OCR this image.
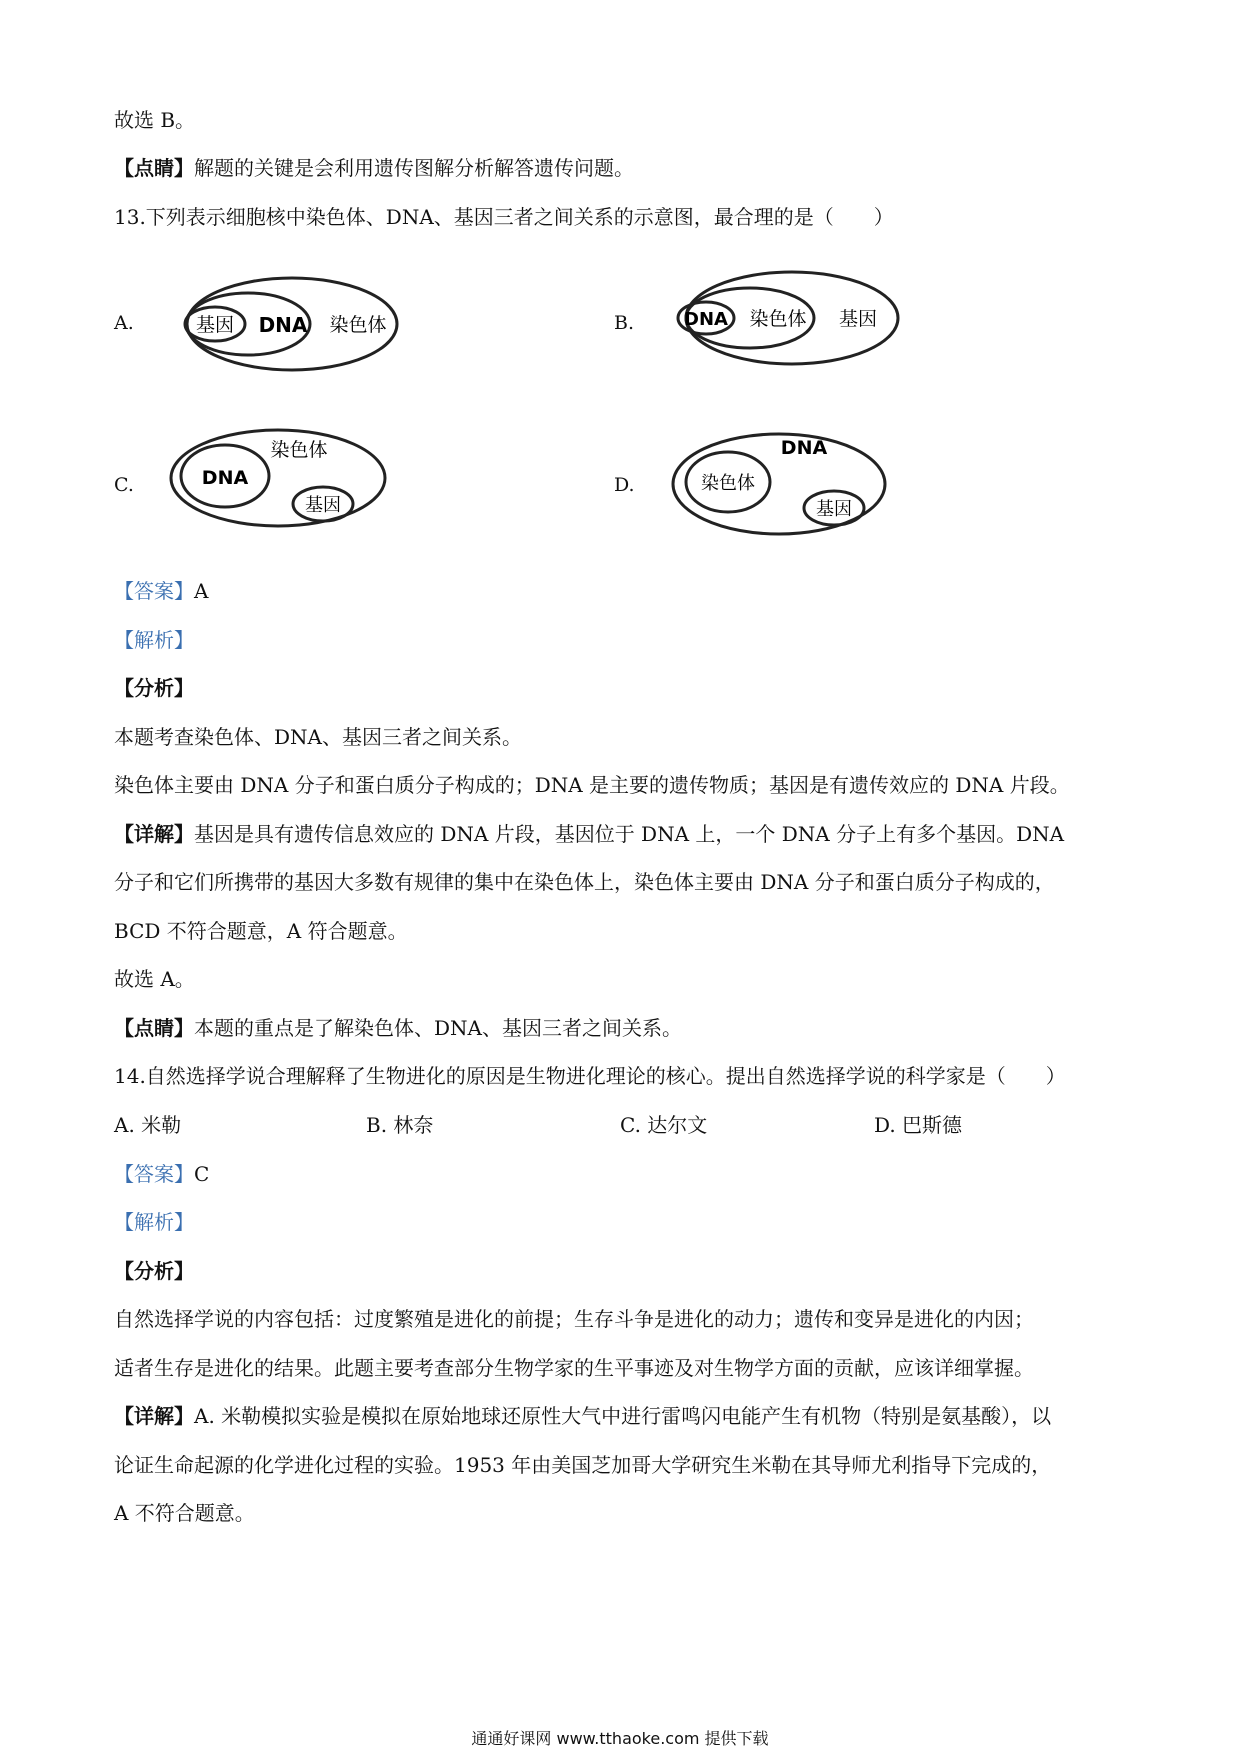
故选 B。
【点睛】解题的关键是会利用遗传图解分析解答遗传问题。
13.下列表示细胞核中染色体、DNA、基因三者之间关系的示意图，最合理的是（　　）
A.	基因 DNA 染色体	B.	DNA 染色体 基因
C.	DNA
染色体
基因
D.	染色体
DNA
基因
【答案】A
【解析】
【分析】
本题考查染色体、DNA、基因三者之间关系。
染色体主要由 DNA 分子和蛋白质分子构成的；DNA 是主要的遗传物质；基因是有遗传效应的 DNA 片段。
【详解】基因是具有遗传信息效应的 DNA 片段，基因位于 DNA 上，一个 DNA 分子上有多个基因。DNA
分子和它们所携带的基因大多数有规律的集中在染色体上，染色体主要由 DNA 分子和蛋白质分子构成的，
BCD 不符合题意，A 符合题意。
故选 A。
【点睛】本题的重点是了解染色体、DNA、基因三者之间关系。
14.自然选择学说合理解释了生物进化的原因是生物进化理论的核心。提出自然选择学说的科学家是（　　）
A. 米勒	B. 林奈	C. 达尔文	D. 巴斯德
【答案】C
【解析】
【分析】
自然选择学说的内容包括：过度繁殖是进化的前提；生存斗争是进化的动力；遗传和变异是进化的内因；
适者生存是进化的结果。此题主要考查部分生物学家的生平事迹及对生物学方面的贡献，应该详细掌握。
【详解】A. 米勒模拟实验是模拟在原始地球还原性大气中进行雷鸣闪电能产生有机物（特别是氨基酸），以
论证生命起源的化学进化过程的实验。1953 年由美国芝加哥大学研究生米勒在其导师尤利指导下完成的，
A 不符合题意。
通通好课网 www.tthaoke.com 提供下载
